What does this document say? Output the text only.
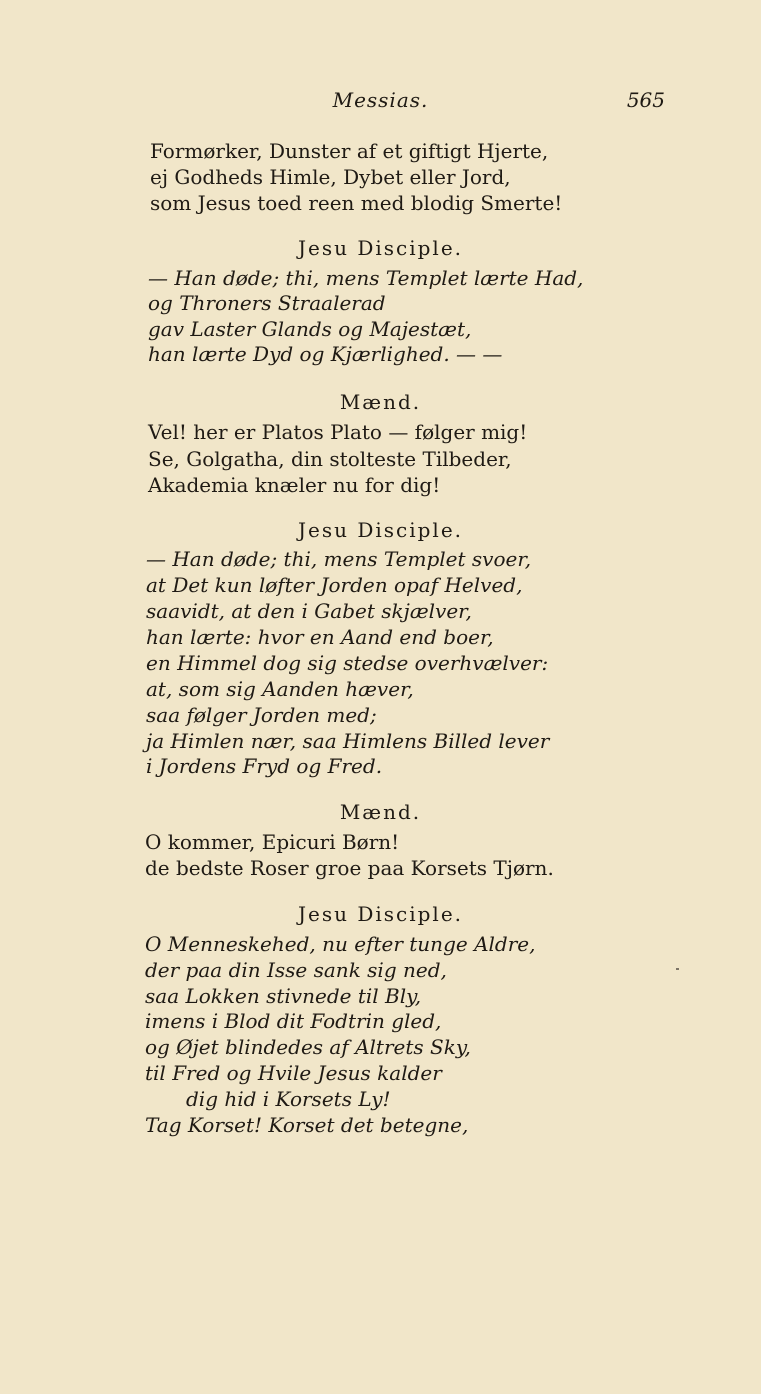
Messias.	565
Formørker, Dunster af et giftigt Hjerte,
ej Godheds Himle, Dybet eller Jord,
som Jesus toed reen med blodig Smerte!
Jesu Disciple.
— Han døde; thi, mens Templet lærte Had,
og Throners Straalerad
gav Laster Glands og Majestæt,
han lærte Dyd og Kjærlighed. — —
Mænd.
Vel! her er Platos Plato — følger mig!
Se, Golgatha, din stolteste Tilbeder,
Akademia knæler nu for dig!
Jesu Disciple.
— Han døde; thi, mens Templet svoer,
at Det kun løfter Jorden opaf Helved,
saavidt, at den i Gabet skjælver,
han lærte: hvor en Aand end boer,
en Himmel dog sig stedse overhvælver:
at, som sig Aanden hæver,
saa følger Jorden med;
ja Himlen nær, saa Himlens Billed lever
i Jordens Fryd og Fred.
Mænd.
O kommer, Epicuri Børn!
de bedste Roser groe paa Korsets Tjørn.
Jesu Disciple.
O Menneskehed, nu efter tunge Aldre,
der paa din Isse sank sig ned,
saa Lokken stivnede til Bly,
imens i Blod dit Fodtrin gled,
og Øjet blindedes af Altrets Sky,
til Fred og Hvile Jesus kalder
dig hid i Korsets Ly!
Tag Korset! Korset det betegne,
